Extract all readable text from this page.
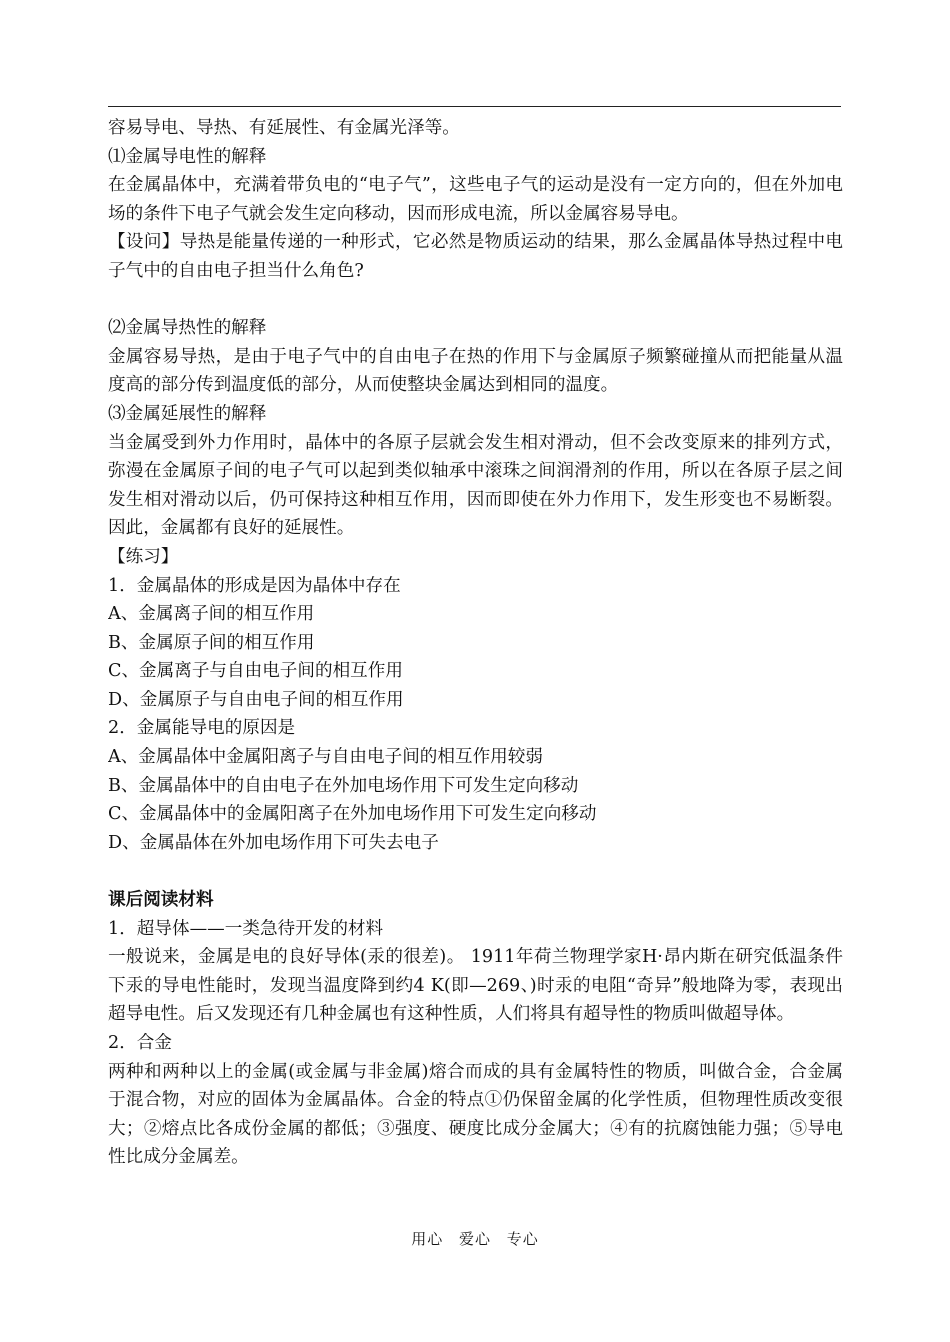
容易导电、导热、有延展性、有金属光泽等。
⑴金属导电性的解释
在金属晶体中，充满着带负电的“电子气”，这些电子气的运动是没有一定方向的，但在外加电场的条件下电子气就会发生定向移动，因而形成电流，所以金属容易导电。
【设问】导热是能量传递的一种形式，它必然是物质运动的结果，那么金属晶体导热过程中电子气中的自由电子担当什么角色?
⑵金属导热性的解释
金属容易导热，是由于电子气中的自由电子在热的作用下与金属原子频繁碰撞从而把能量从温度高的部分传到温度低的部分，从而使整块金属达到相同的温度。
⑶金属延展性的解释
当金属受到外力作用时，晶体中的各原子层就会发生相对滑动，但不会改变原来的排列方式，弥漫在金属原子间的电子气可以起到类似轴承中滚珠之间润滑剂的作用，所以在各原子层之间发生相对滑动以后，仍可保持这种相互作用，因而即使在外力作用下，发生形变也不易断裂。因此，金属都有良好的延展性。
【练习】
1．金属晶体的形成是因为晶体中存在
A、金属离子间的相互作用
B、金属原子间的相互作用
C、金属离子与自由电子间的相互作用
D、金属原子与自由电子间的相互作用
2．金属能导电的原因是
A、金属晶体中金属阳离子与自由电子间的相互作用较弱
B、金属晶体中的自由电子在外加电场作用下可发生定向移动
C、金属晶体中的金属阳离子在外加电场作用下可发生定向移动
D、金属晶体在外加电场作用下可失去电子
课后阅读材料
1．超导体——一类急待开发的材料
一般说来，金属是电的良好导体(汞的很差)。 1911年荷兰物理学家H·昂内斯在研究低温条件下汞的导电性能时，发现当温度降到约4 K(即—269、)时汞的电阻“奇异”般地降为零，表现出超导电性。后又发现还有几种金属也有这种性质，人们将具有超导性的物质叫做超导体。
2．合金
两种和两种以上的金属(或金属与非金属)熔合而成的具有金属特性的物质，叫做合金，合金属于混合物，对应的固体为金属晶体。合金的特点①仍保留金属的化学性质，但物理性质改变很大；②熔点比各成份金属的都低；③强度、硬度比成分金属大；④有的抗腐蚀能力强；⑤导电性比成分金属差。
用心 爱心 专心
